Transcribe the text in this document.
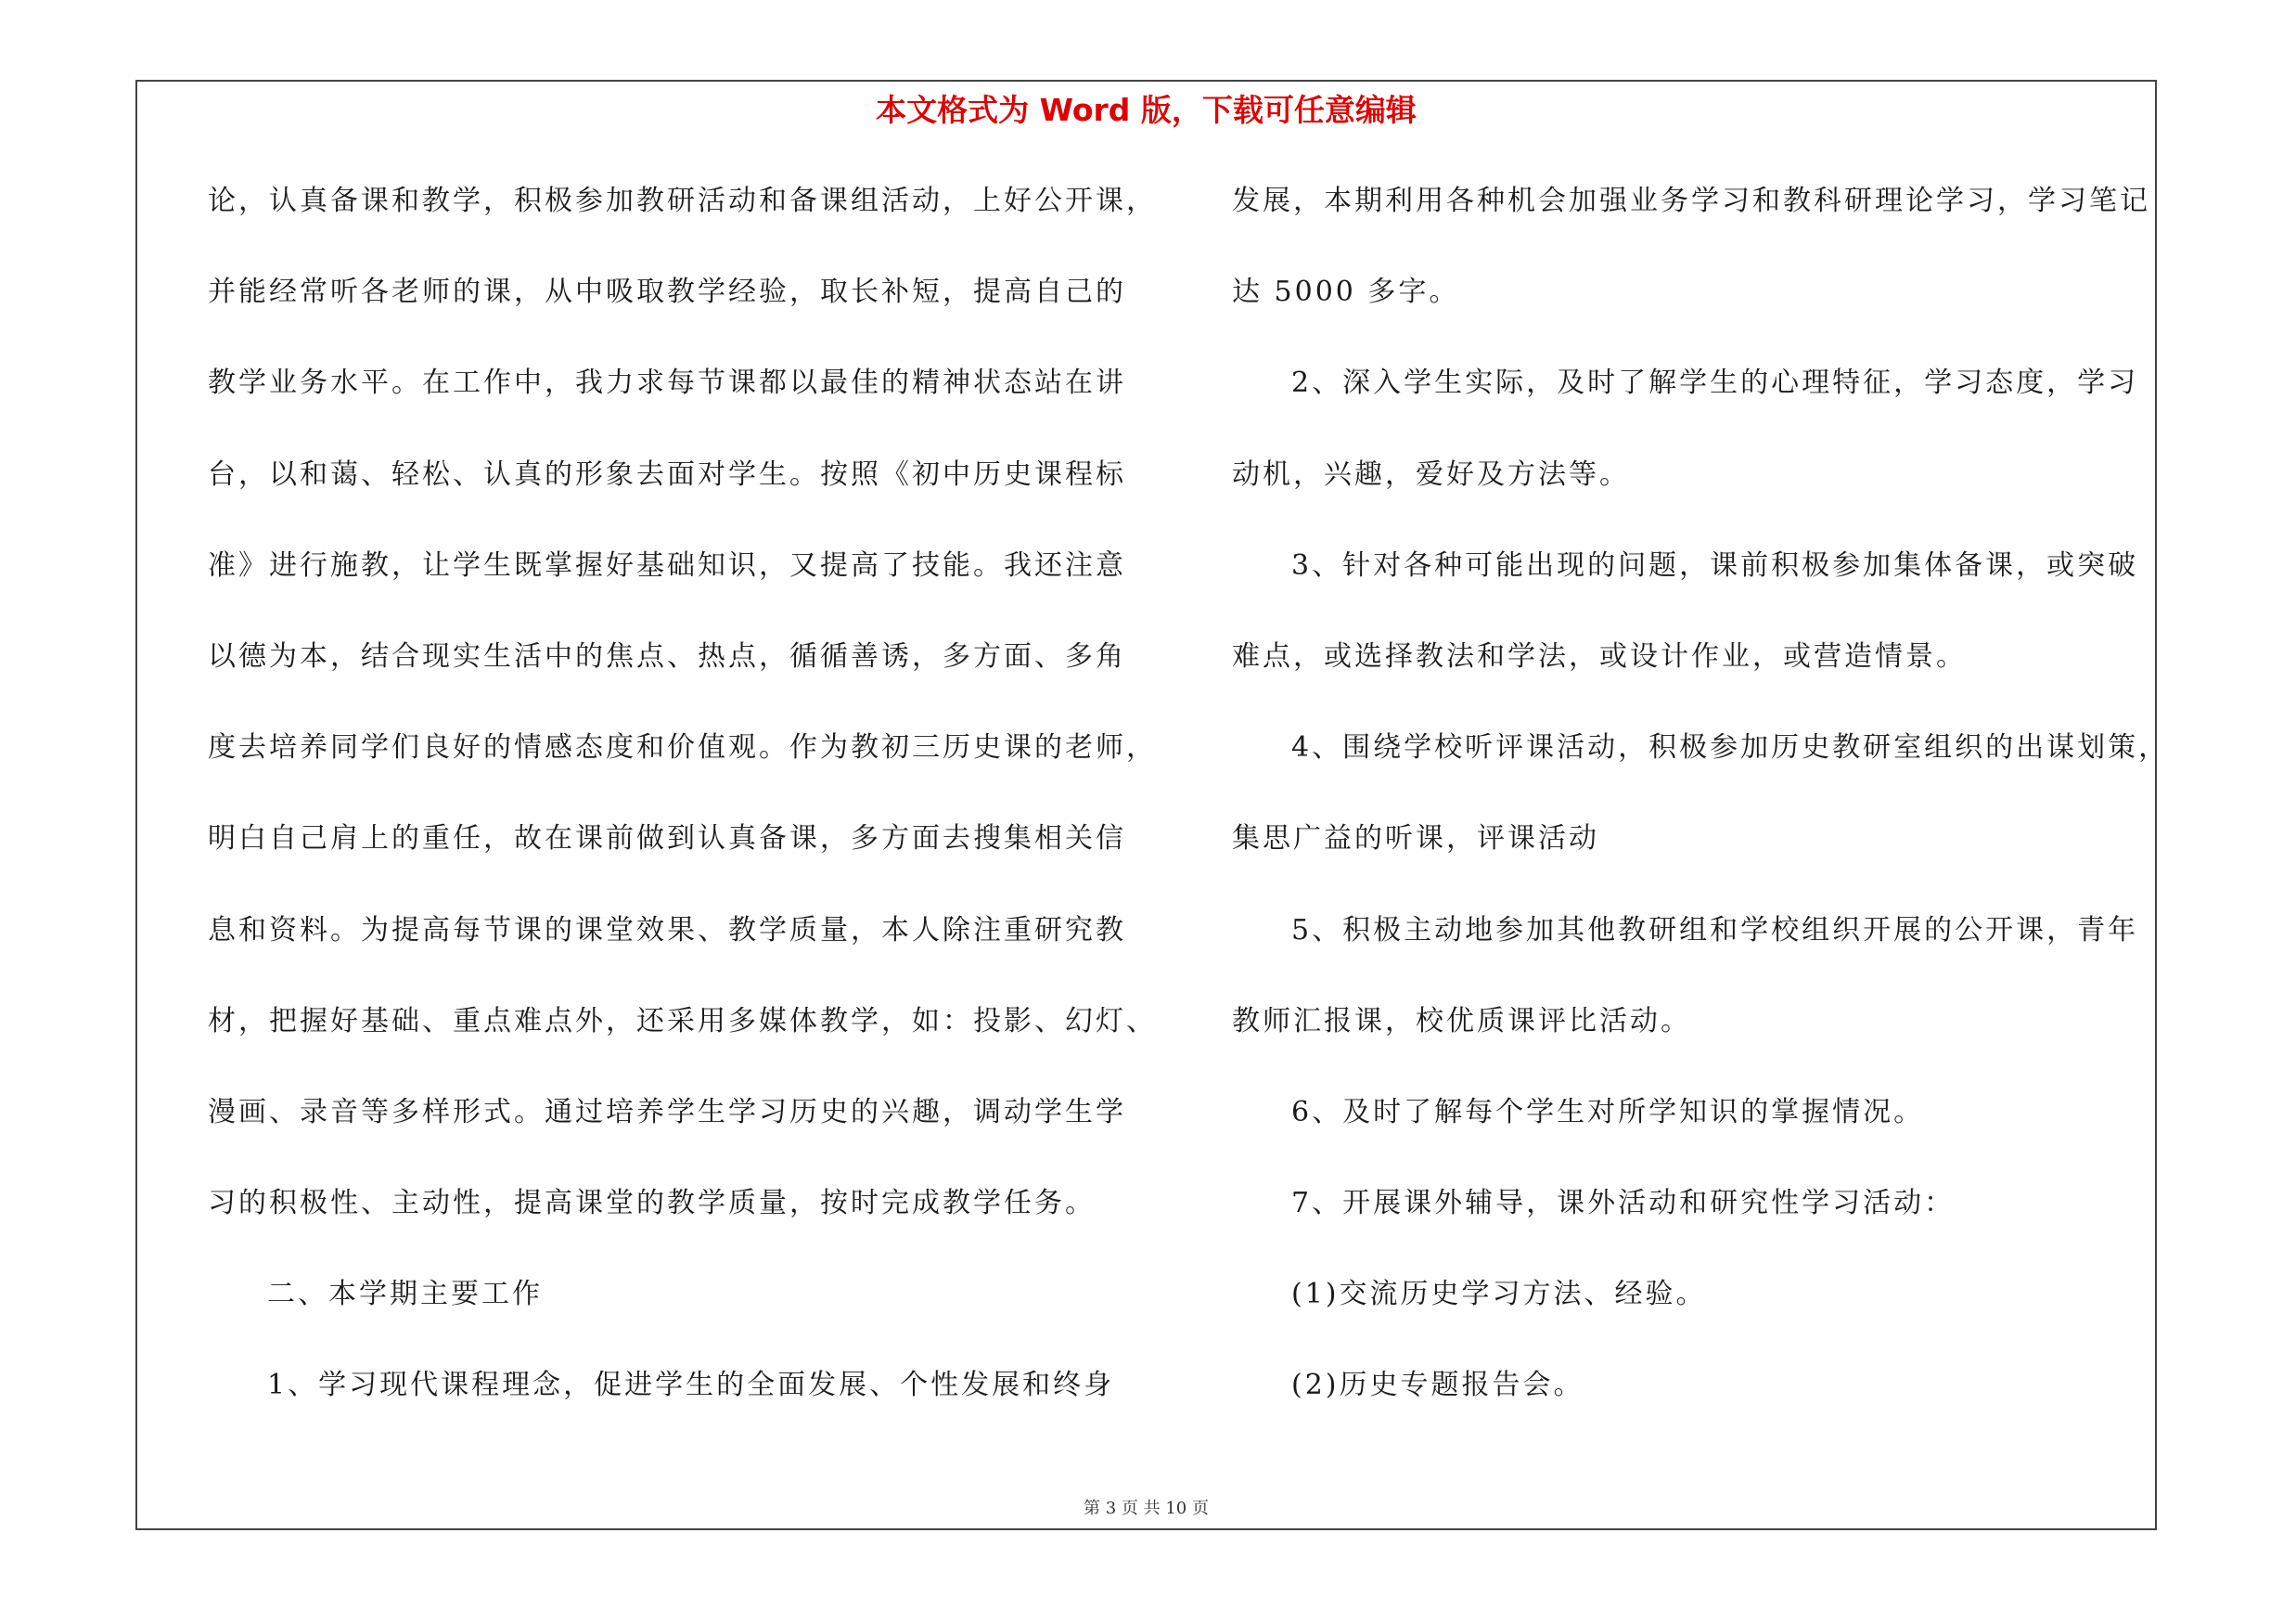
本文格式为 Word 版，下载可任意编辑
论，认真备课和教学，积极参加教研活动和备课组活动，上好公开课，
并能经常听各老师的课，从中吸取教学经验，取长补短，提高自己的
教学业务水平。在工作中，我力求每节课都以最佳的精神状态站在讲
台，以和蔼、轻松、认真的形象去面对学生。按照《初中历史课程标
准》进行施教，让学生既掌握好基础知识，又提高了技能。我还注意
以德为本，结合现实生活中的焦点、热点，循循善诱，多方面、多角
度去培养同学们良好的情感态度和价值观。作为教初三历史课的老师，
明白自己肩上的重任，故在课前做到认真备课，多方面去搜集相关信
息和资料。为提高每节课的课堂效果、教学质量，本人除注重研究教
材，把握好基础、重点难点外，还采用多媒体教学，如：投影、幻灯、
漫画、录音等多样形式。通过培养学生学习历史的兴趣，调动学生学
习的积极性、主动性，提高课堂的教学质量，按时完成教学任务。
二、本学期主要工作
1、学习现代课程理念，促进学生的全面发展、个性发展和终身
发展，本期利用各种机会加强业务学习和教科研理论学习，学习笔记
达 5000 多字。
2、深入学生实际，及时了解学生的心理特征，学习态度，学习
动机，兴趣，爱好及方法等。
3、针对各种可能出现的问题，课前积极参加集体备课，或突破
难点，或选择教法和学法，或设计作业，或营造情景。
4、围绕学校听评课活动，积极参加历史教研室组织的出谋划策，
集思广益的听课，评课活动
5、积极主动地参加其他教研组和学校组织开展的公开课，青年
教师汇报课，校优质课评比活动。
6、及时了解每个学生对所学知识的掌握情况。
7、开展课外辅导，课外活动和研究性学习活动：
(1)交流历史学习方法、经验。
(2)历史专题报告会。
第 3 页 共 10 页
